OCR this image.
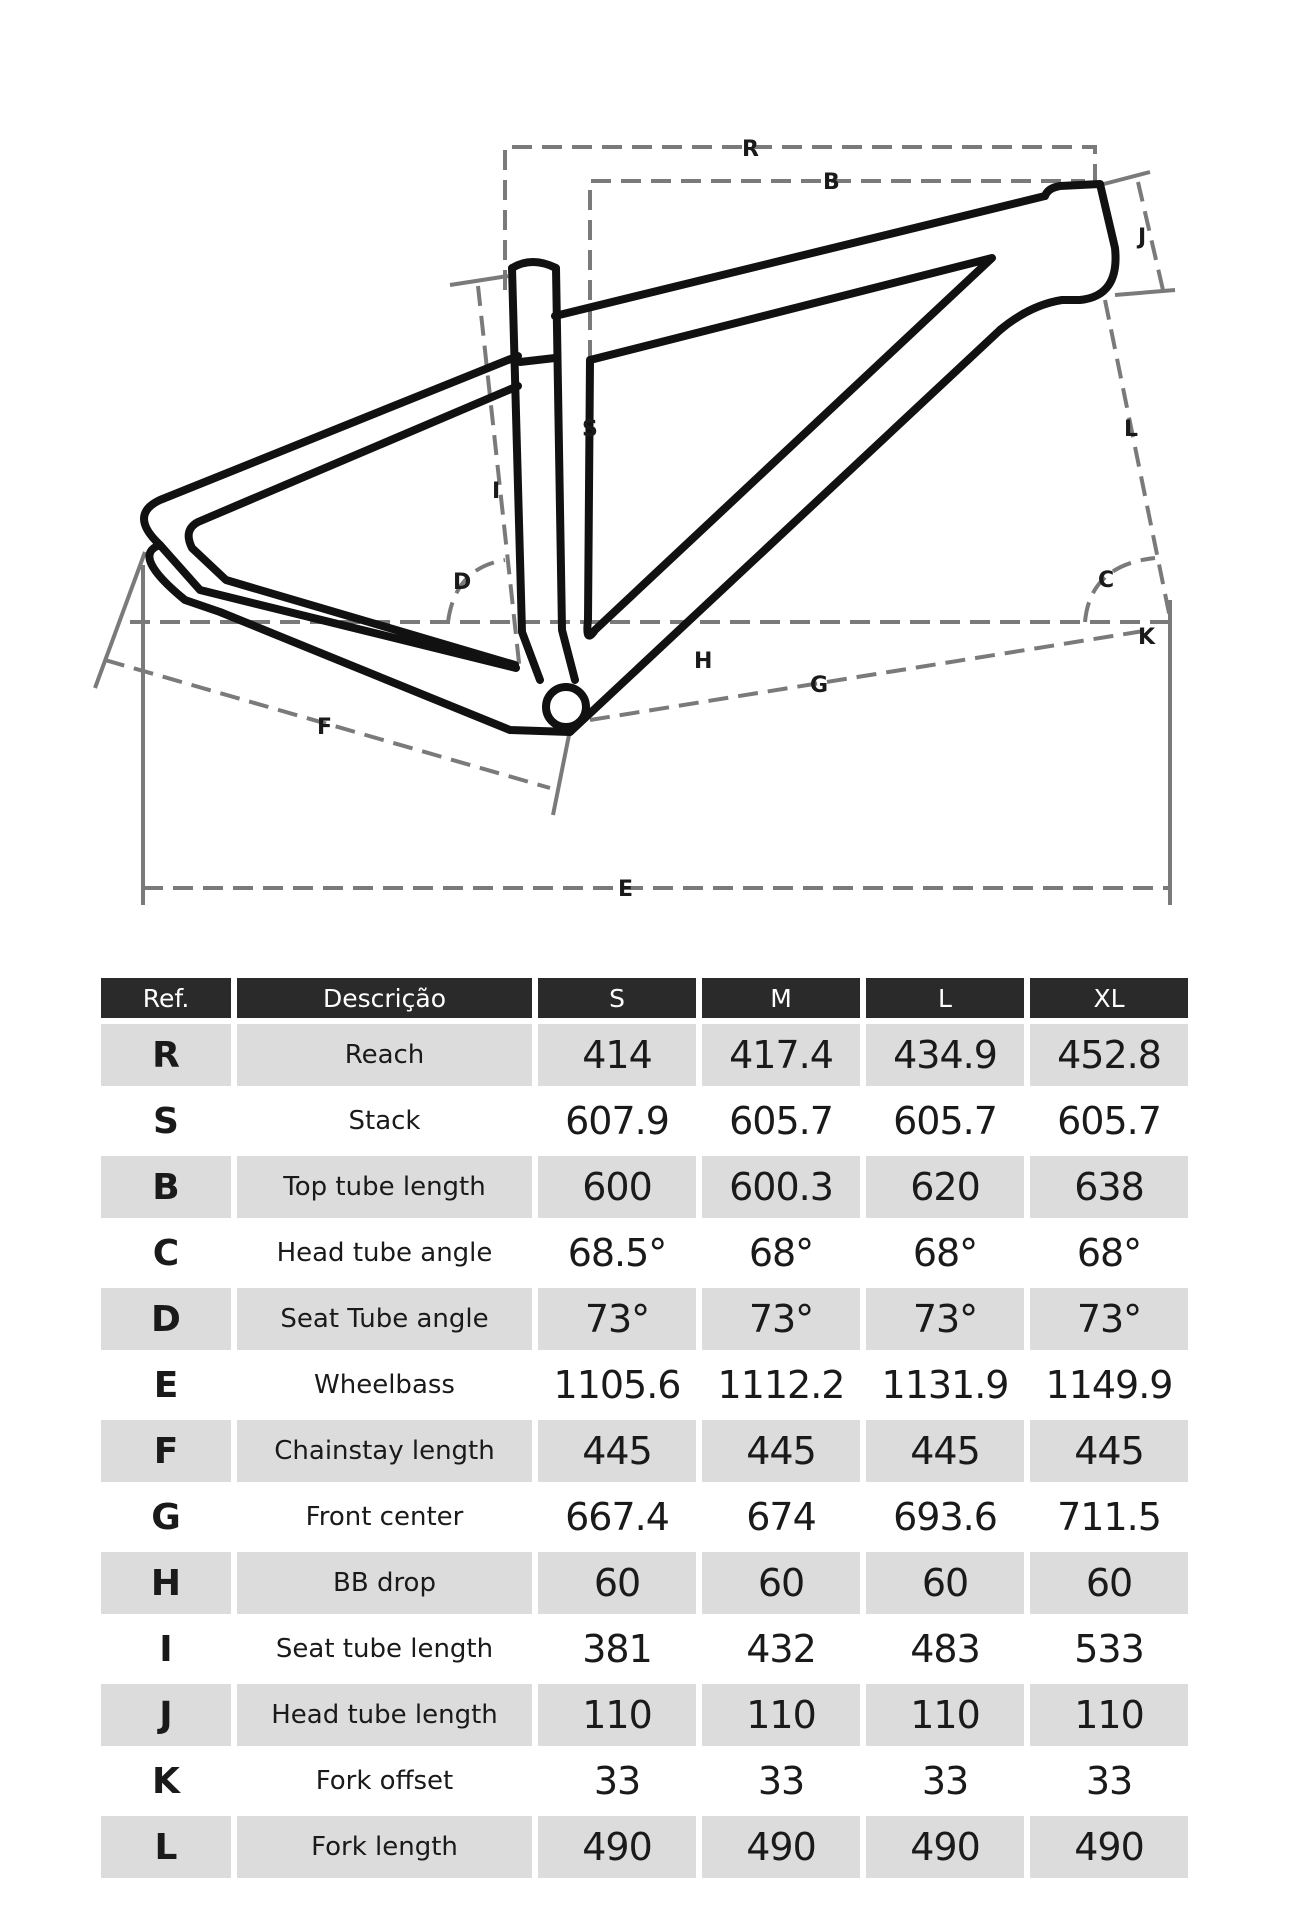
R
B
J
S	L
I
D	C
K
H
G
F
E
Ref.	Descrição	S	M	L	XL
R	Reach	414	417.4	434.9	452.8
S	Stack	607.9	605.7	605.7	605.7
B	Top tube length	600	600.3	620	638
C	Head tube angle	68.5°	68°	68°	68°
D	Seat Tube angle	73°	73°	73°	73°
E	Wheelbass	1105.6	1112.2	1131.9	1149.9
F	Chainstay length	445	445	445	445
G	Front center	667.4	674	693.6	711.5
H	BB drop	60	60	60	60
I	Seat tube length	381	432	483	533
J	Head tube length	110	110	110	110
K	Fork offset	33	33	33	33
L	Fork length	490	490	490	490
